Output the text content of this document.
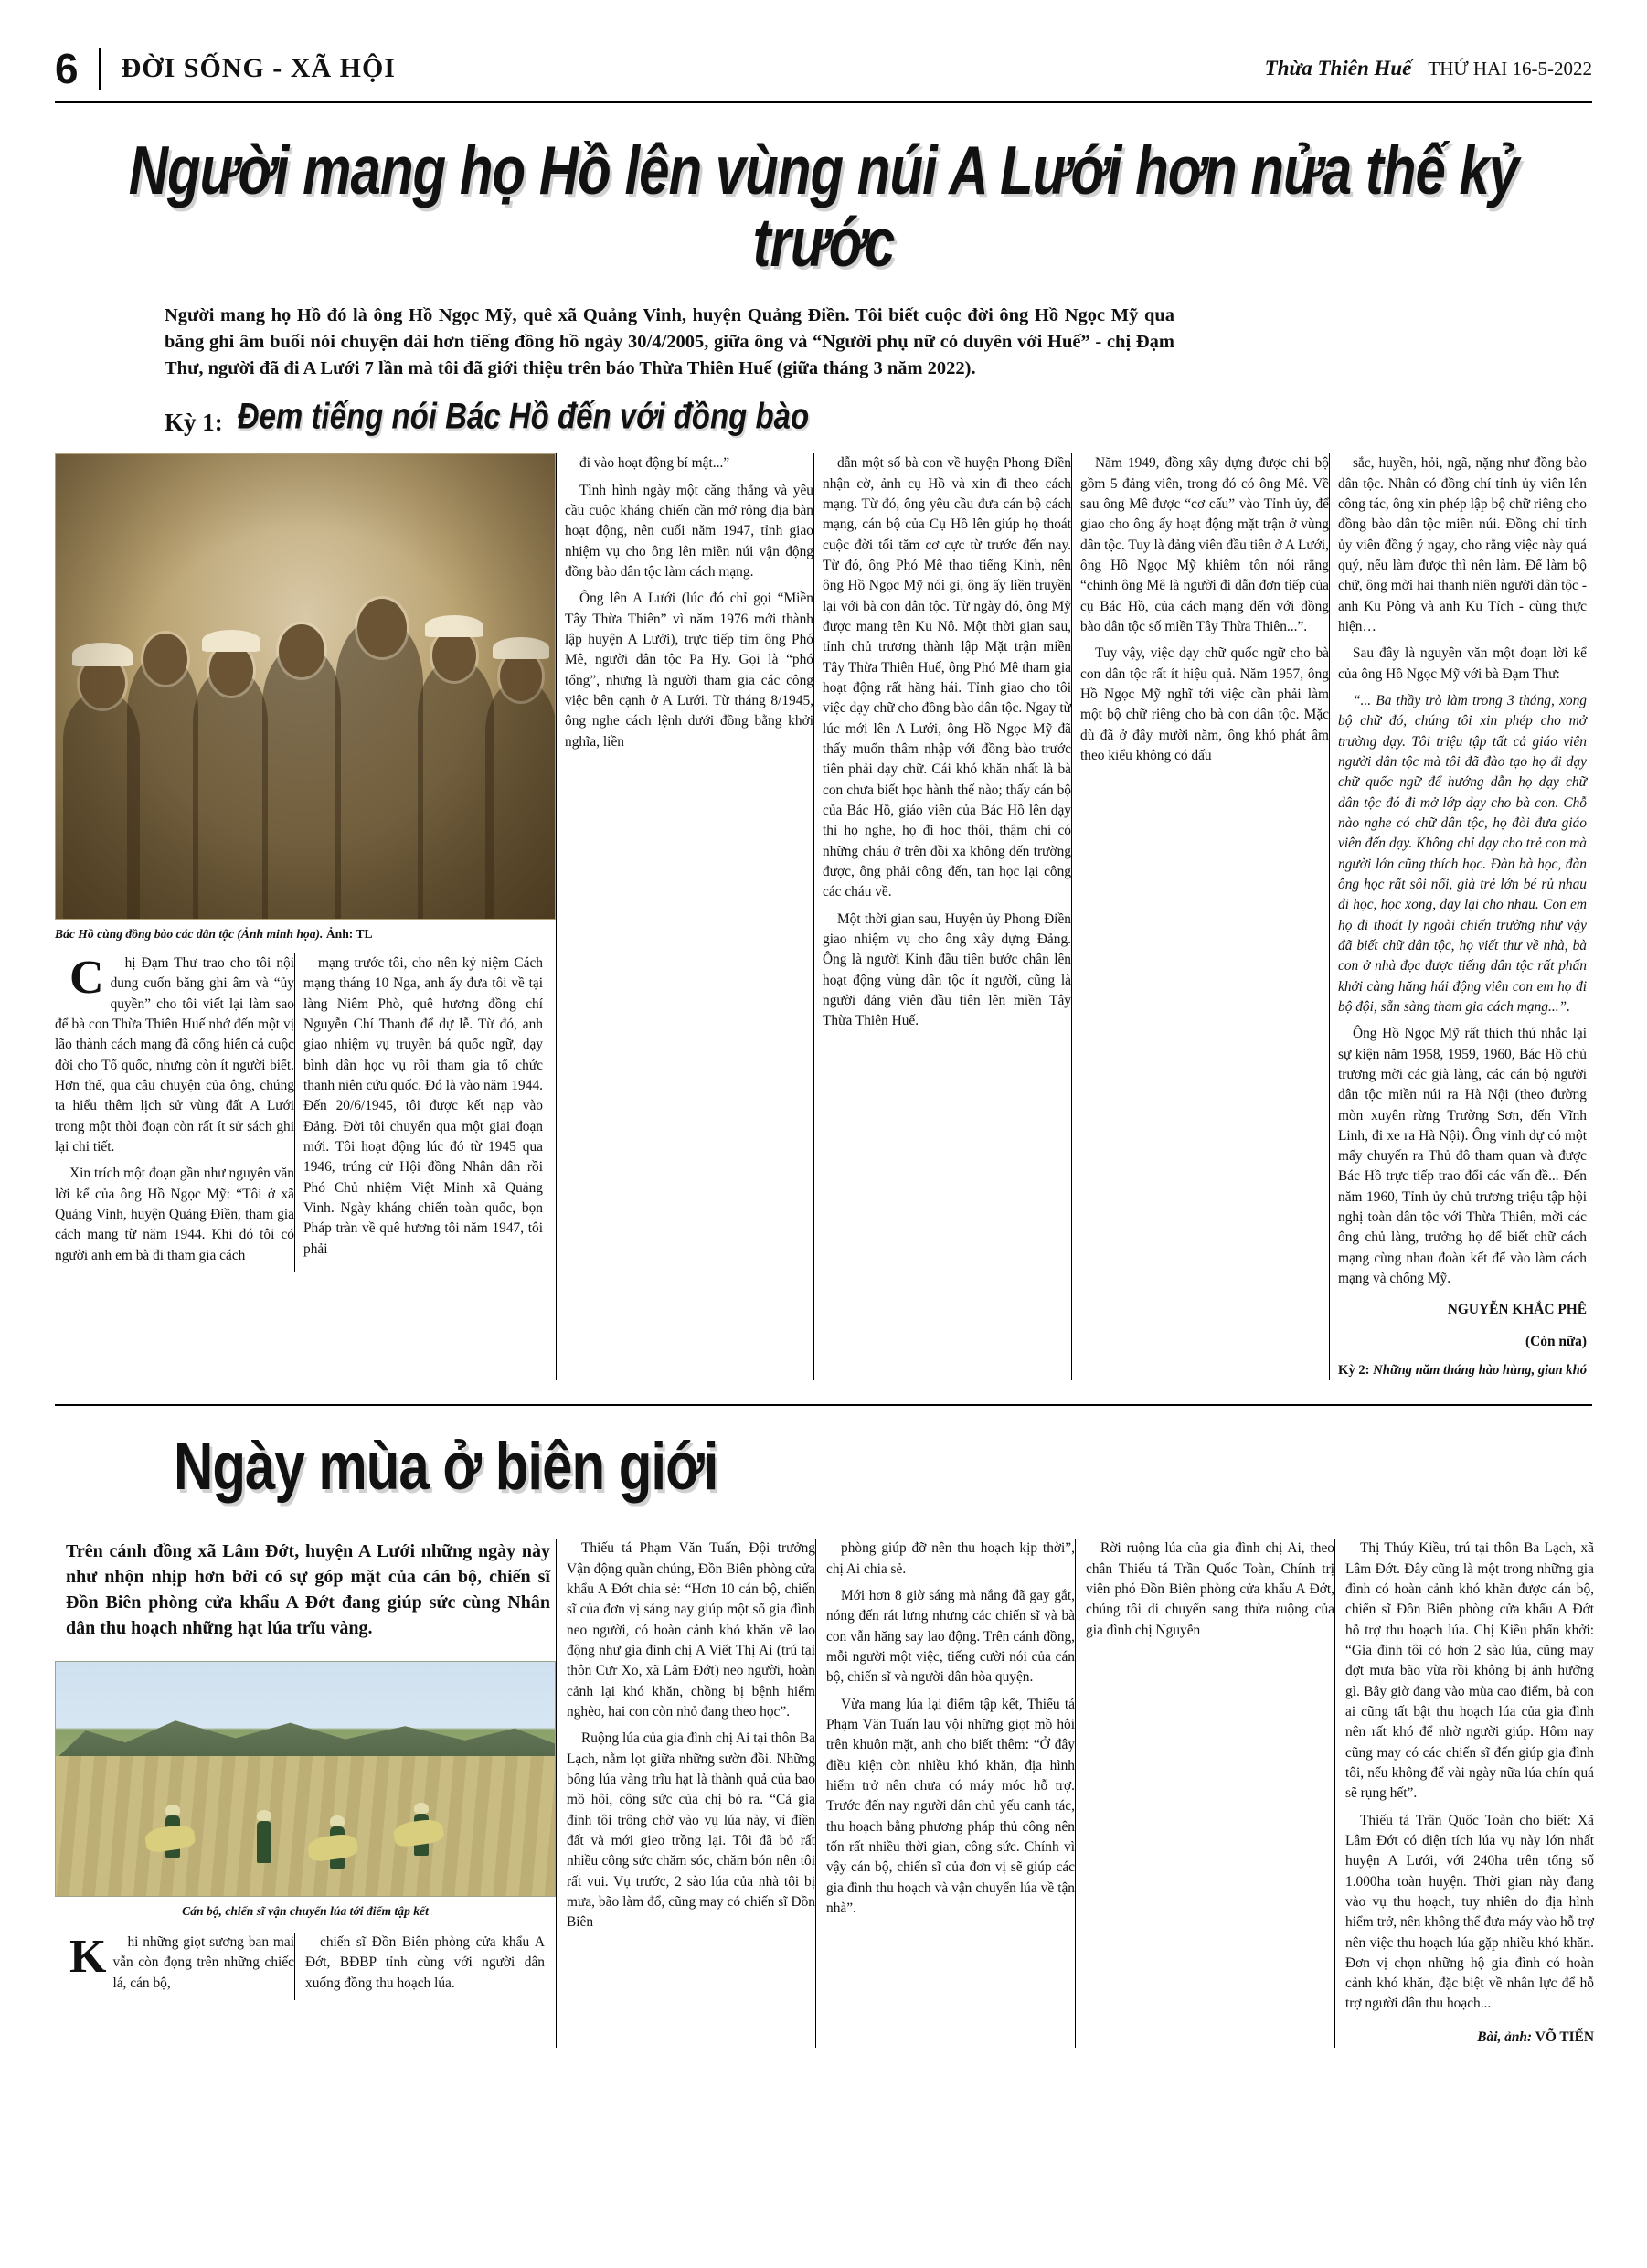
6	ĐỜI SỐNG - XÃ HỘI	Thừa Thiên Huế THỨ HAI 16-5-2022
Người mang họ Hồ lên vùng núi A Lưới hơn nửa thế kỷ trước
Người mang họ Hồ đó là ông Hồ Ngọc Mỹ, quê xã Quảng Vinh, huyện Quảng Điền. Tôi biết cuộc đời ông Hồ Ngọc Mỹ qua băng ghi âm buổi nói chuyện dài hơn tiếng đồng hồ ngày 30/4/2005, giữa ông và “Người phụ nữ có duyên với Huế” - chị Đạm Thư, người đã đi A Lưới 7 lần mà tôi đã giới thiệu trên báo Thừa Thiên Huế (giữa tháng 3 năm 2022).
Kỳ 1: Đem tiếng nói Bác Hồ đến với đồng bào
Bác Hồ cùng đồng bào các dân tộc (Ảnh minh họa). Ảnh: TL

Chị Đạm Thư trao cho tôi nội dung cuốn băng ghi âm và “ủy quyền” cho tôi viết lại làm sao để bà con Thừa Thiên Huế nhớ đến một vị lão thành cách mạng đã cống hiến cả cuộc đời cho Tổ quốc, nhưng còn ít người biết. Hơn thế, qua câu chuyện của ông, chúng ta hiểu thêm lịch sử vùng đất A Lưới trong một thời đoạn còn rất ít sử sách ghi lại chi tiết.

Xin trích một đoạn gần như nguyên văn lời kể của ông Hồ Ngọc Mỹ: “Tôi ở xã Quảng Vinh, huyện Quảng Điền, tham gia cách mạng từ năm 1944. Khi đó tôi có người anh em bà đi tham gia cách

mạng trước tôi, cho nên kỷ niệm Cách mạng tháng 10 Nga, anh ấy đưa tôi về tại làng Niêm Phò, quê hương đồng chí Nguyễn Chí Thanh để dự lễ. Từ đó, anh giao nhiệm vụ truyền bá quốc ngữ, dạy bình dân học vụ rồi tham gia tổ chức thanh niên cứu quốc. Đó là vào năm 1944. Đến 20/6/1945, tôi được kết nạp vào Đảng. Đời tôi chuyển qua một giai đoạn mới. Tôi hoạt động lúc đó từ 1945 qua 1946, trúng cử Hội đồng Nhân dân rồi Phó Chủ nhiệm Việt Minh xã Quảng Vinh. Ngày kháng chiến toàn quốc, bọn Pháp tràn về quê hương tôi năm 1947, tôi phải

đi vào hoạt động bí mật...”

Tình hình ngày một căng thẳng và yêu cầu cuộc kháng chiến cần mở rộng địa bàn hoạt động, nên cuối năm 1947, tỉnh giao nhiệm vụ cho ông lên miền núi vận động đồng bào dân tộc làm cách mạng.

Ông lên A Lưới (lúc đó chỉ gọi “Miền Tây Thừa Thiên” vì năm 1976 mới thành lập huyện A Lưới), trực tiếp tìm ông Phó Mê, người dân tộc Pa Hy. Gọi là “phó tổng”, nhưng là người tham gia các công việc bên cạnh ở A Lưới. Từ tháng 8/1945, ông nghe cách lệnh dưới đồng bằng khởi nghĩa, liền

dẫn một số bà con về huyện Phong Điền nhận cờ, ảnh cụ Hồ và xin đi theo cách mạng. Từ đó, ông yêu cầu đưa cán bộ cách mạng, cán bộ của Cụ Hồ lên giúp họ thoát cuộc đời tối tăm cơ cực từ trước đến nay. Từ đó, ông Phó Mê thao tiếng Kinh, nên ông Hồ Ngọc Mỹ nói gì, ông ấy liền truyền lại với bà con dân tộc. Từ ngày đó, ông Mỹ được mang tên Ku Nô. Một thời gian sau, tỉnh chủ trương thành lập Mặt trận miền Tây Thừa Thiên Huế, ông Phó Mê tham gia hoạt động rất hăng hái. Tỉnh giao cho tôi việc dạy chữ cho đồng bào dân tộc. Ngay từ lúc mới lên A Lưới, ông Hồ Ngọc Mỹ đã thấy muốn thâm nhập với đồng bào trước tiên phải dạy chữ. Cái khó khăn nhất là bà con chưa biết học hành thế nào; thấy cán bộ của Bác Hồ, giáo viên của Bác Hồ lên dạy thì họ nghe, họ đi học thôi, thậm chí có những cháu ở trên đồi xa không đến trường được, ông phải công đến, tan học lại công các cháu về.

Một thời gian sau, Huyện ủy Phong Điền giao nhiệm vụ cho ông xây dựng Đảng. Ông là người Kinh đầu tiên bước chân lên hoạt động vùng dân tộc ít người, cũng là người đảng viên đầu tiên lên miền Tây Thừa Thiên Huế.

Năm 1949, đồng xây dựng được chi bộ gồm 5 đảng viên, trong đó có ông Mê. Về sau ông Mê được “cơ cấu” vào Tỉnh ủy, để giao cho ông ấy hoạt động mặt trận ở vùng dân tộc. Tuy là đảng viên đầu tiên ở A Lưới, ông Hồ Ngọc Mỹ khiêm tốn nói rằng “chính ông Mê là người đi dẫn đơn tiếp của cụ Bác Hồ, của cách mạng đến với đồng bào dân tộc số miền Tây Thừa Thiên...”.

Tuy vậy, việc dạy chữ quốc ngữ cho bà con dân tộc rất ít hiệu quả. Năm 1957, ông Hồ Ngọc Mỹ nghĩ tới việc cần phải làm một bộ chữ riêng cho bà con dân tộc. Mặc dù đã ở đây mười năm, ông khó phát âm theo kiểu không có dấu

sắc, huyền, hỏi, ngã, nặng như đồng bào dân tộc. Nhân có đồng chí tỉnh ủy viên lên công tác, ông xin phép lập bộ chữ riêng cho đồng bào dân tộc miền núi. Đồng chí tỉnh ủy viên đồng ý ngay, cho rằng việc này quá quý, nếu làm được thì nên làm. Để làm bộ chữ, ông mời hai thanh niên người dân tộc - anh Ku Pông và anh Ku Tích - cùng thực hiện…

Sau đây là nguyên văn một đoạn lời kể của ông Hồ Ngọc Mỹ với bà Đạm Thư:

“... Ba thầy trò làm trong 3 tháng, xong bộ chữ đó, chúng tôi xin phép cho mở trường dạy. Tôi triệu tập tất cả giáo viên người dân tộc mà tôi đã đào tạo họ đi dạy chữ quốc ngữ để hướng dẫn họ dạy chữ dân tộc đó đi mở lớp dạy cho bà con. Chỗ nào nghe có chữ dân tộc, họ đòi đưa giáo viên đến dạy. Không chỉ dạy cho trẻ con mà người lớn cũng thích học. Đàn bà học, đàn ông học rất sôi nổi, già trẻ lớn bé rủ nhau đi học, học xong, dạy lại cho nhau. Con em họ đi thoát ly ngoài chiến trường như vậy đã biết chữ dân tộc, họ viết thư về nhà, bà con ở nhà đọc được tiếng dân tộc rất phấn khởi càng hăng hái động viên con em họ đi bộ đội, sẵn sàng tham gia cách mạng...”.

Ông Hồ Ngọc Mỹ rất thích thú nhắc lại sự kiện năm 1958, 1959, 1960, Bác Hồ chủ trương mời các già làng, các cán bộ người dân tộc miền núi ra Hà Nội (theo đường mòn xuyên rừng Trường Sơn, đến Vĩnh Linh, đi xe ra Hà Nội). Ông vinh dự có một mấy chuyến ra Thủ đô tham quan và được Bác Hồ trực tiếp trao đổi các vấn đề... Đến năm 1960, Tỉnh ủy chủ trương triệu tập hội nghị toàn dân tộc với Thừa Thiên, mời các ông chủ làng, trưởng họ để biết chữ cách mạng cùng nhau đoàn kết để vào làm cách mạng và chống Mỹ.

NGUYỄN KHẮC PHÊ
(Còn nữa)
Kỳ 2: Những năm tháng hào hùng, gian khó
Ngày mùa ở biên giới
Trên cánh đồng xã Lâm Đớt, huyện A Lưới những ngày này như nhộn nhịp hơn bởi có sự góp mặt của cán bộ, chiến sĩ Đồn Biên phòng cửa khẩu A Đớt đang giúp sức cùng Nhân dân thu hoạch những hạt lúa trĩu vàng.
Cán bộ, chiến sĩ vận chuyển lúa tới điểm tập kết

Khi những giọt sương ban mai vẫn còn đọng trên những chiếc lá, cán bộ,

chiến sĩ Đồn Biên phòng cửa khẩu A Đớt, BĐBP tỉnh cùng với người dân xuống đồng thu hoạch lúa.

Thiếu tá Phạm Văn Tuấn, Đội trưởng Vận động quần chúng, Đồn Biên phòng cửa khẩu A Đớt chia sẻ: “Hơn 10 cán bộ, chiến sĩ của đơn vị sáng nay giúp một số gia đình neo người, có hoàn cảnh khó khăn về lao động như gia đình chị A Viết Thị Ai (trú tại thôn Cưr Xo, xã Lâm Đớt) neo người, hoàn cảnh lại khó khăn, chồng bị bệnh hiểm nghèo, hai con còn nhỏ đang theo học”.

Ruộng lúa của gia đình chị Ai tại thôn Ba Lạch, nằm lọt giữa những sườn đồi. Những bông lúa vàng trĩu hạt là thành quả của bao mồ hôi, công sức của chị bỏ ra. “Cả gia đình tôi trông chờ vào vụ lúa này, vì điền đất và mới gieo trồng lại. Tôi đã bỏ rất nhiều công sức chăm sóc, chăm bón nên tôi rất vui. Vụ trước, 2 sào lúa của nhà tôi bị mưa, bão làm đổ, cũng may có chiến sĩ Đồn Biên

phòng giúp đỡ nên thu hoạch kịp thời”, chị Ai chia sẻ.

Mới hơn 8 giờ sáng mà nắng đã gay gắt, nóng đến rát lưng nhưng các chiến sĩ và bà con vẫn hăng say lao động. Trên cánh đồng, mỗi người một việc, tiếng cười nói của cán bộ, chiến sĩ và người dân hòa quyện.

Vừa mang lúa lại điểm tập kết, Thiếu tá Phạm Văn Tuấn lau vội những giọt mồ hôi trên khuôn mặt, anh cho biết thêm: “Ở đây điều kiện còn nhiều khó khăn, địa hình hiểm trở nên chưa có máy móc hỗ trợ. Trước đến nay người dân chủ yếu canh tác, thu hoạch bằng phương pháp thủ công nên tốn rất nhiều thời gian, công sức. Chính vì vậy cán bộ, chiến sĩ của đơn vị sẽ giúp các gia đình thu hoạch và vận chuyển lúa về tận nhà”.

Rời ruộng lúa của gia đình chị Ai, theo chân Thiếu tá Trần Quốc Toàn, Chính trị viên phó Đồn Biên phòng cửa khẩu A Đớt, chúng tôi di chuyển sang thửa ruộng của gia đình chị Nguyễn

Thị Thúy Kiều, trú tại thôn Ba Lạch, xã Lâm Đớt. Đây cũng là một trong những gia đình có hoàn cảnh khó khăn được cán bộ, chiến sĩ Đồn Biên phòng cửa khẩu A Đớt hỗ trợ thu hoạch lúa. Chị Kiều phấn khởi: “Gia đình tôi có hơn 2 sào lúa, cũng may đợt mưa bão vừa rồi không bị ảnh hưởng gì. Bây giờ đang vào mùa cao điểm, bà con ai cũng tất bật thu hoạch lúa của gia đình nên rất khó để nhờ người giúp. Hôm nay cũng may có các chiến sĩ đến giúp gia đình tôi, nếu không để vài ngày nữa lúa chín quá sẽ rụng hết”.

Thiếu tá Trần Quốc Toàn cho biết: Xã Lâm Đớt có diện tích lúa vụ này lớn nhất huyện A Lưới, với 240ha trên tổng số 1.000ha toàn huyện. Thời gian này đang vào vụ thu hoạch, tuy nhiên do địa hình hiểm trở, nên không thể đưa máy vào hỗ trợ nên việc thu hoạch lúa gặp nhiều khó khăn. Đơn vị chọn những hộ gia đình có hoàn cảnh khó khăn, đặc biệt về nhân lực để hỗ trợ người dân thu hoạch...

Bài, ảnh: VÕ TIẾN
